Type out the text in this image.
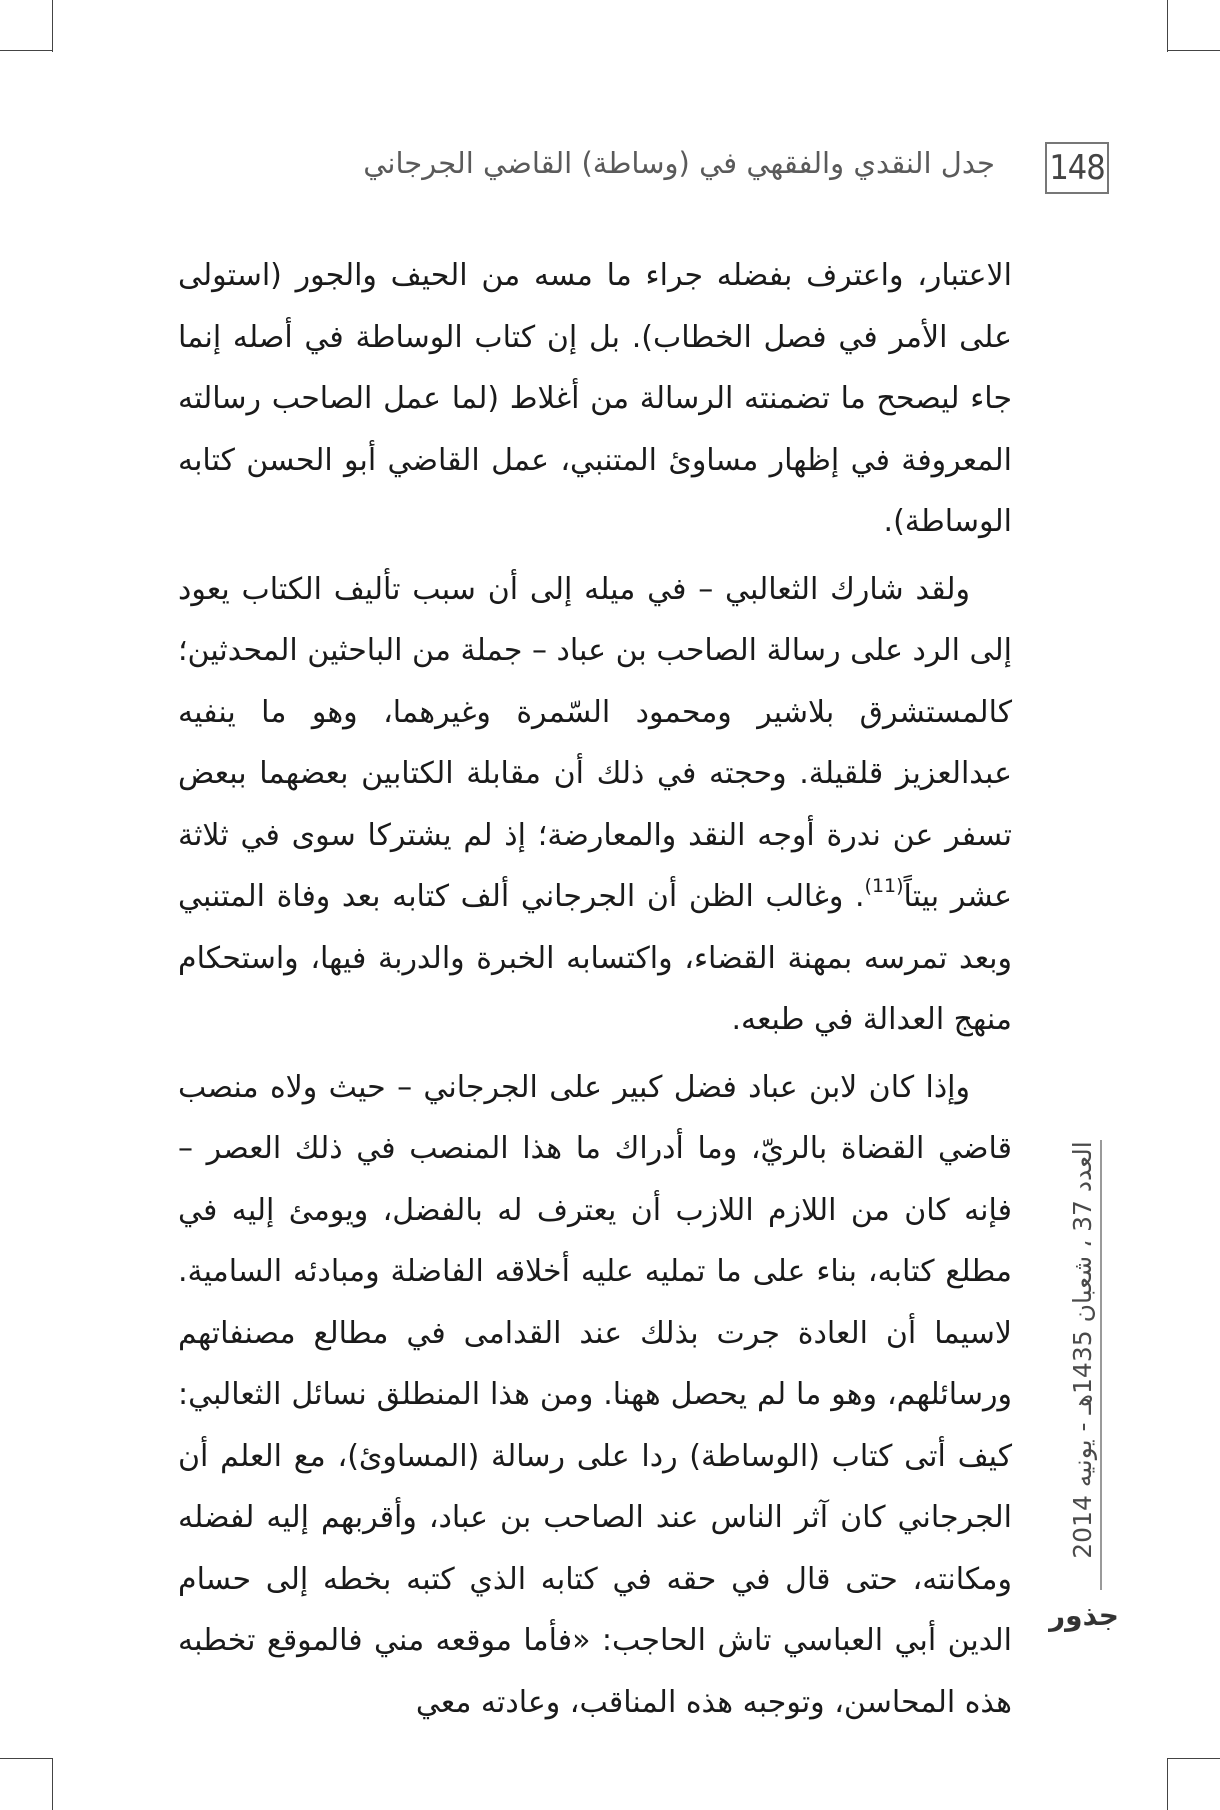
148
جدل النقدي والفقهي في (وساطة) القاضي الجرجاني

الاعتبار، واعترف بفضله جراء ما مسه من الحيف والجور (استولى على الأمر في فصل الخطاب). بل إن كتاب الوساطة في أصله إنما جاء ليصحح ما تضمنته الرسالة من أغلاط (لما عمل الصاحب رسالته المعروفة في إظهار مساوئ المتنبي، عمل القاضي أبو الحسن كتابه الوساطة).

ولقد شارك الثعالبي – في ميله إلى أن سبب تأليف الكتاب يعود إلى الرد على رسالة الصاحب بن عباد – جملة من الباحثين المحدثين؛ كالمستشرق بلاشير ومحمود السّمرة وغيرهما، وهو ما ينفيه عبدالعزيز قلقيلة. وحجته في ذلك أن مقابلة الكتابين بعضهما ببعض تسفر عن ندرة أوجه النقد والمعارضة؛ إذ لم يشتركا سوى في ثلاثة عشر بيتاً$^{(11)}$. وغالب الظن أن الجرجاني ألف كتابه بعد وفاة المتنبي وبعد تمرسه بمهنة القضاء، واكتسابه الخبرة والدربة فيها، واستحكام منهج العدالة في طبعه.

وإذا كان لابن عباد فضل كبير على الجرجاني – حيث ولاه منصب قاضي القضاة بالريّ، وما أدراك ما هذا المنصب في ذلك العصر – فإنه كان من اللازم اللازب أن يعترف له بالفضل، ويومئ إليه في مطلع كتابه، بناء على ما تمليه عليه أخلاقه الفاضلة ومبادئه السامية. لاسيما أن العادة جرت بذلك عند القدامى في مطالع مصنفاتهم ورسائلهم، وهو ما لم يحصل ههنا. ومن هذا المنطلق نسائل الثعالبي: كيف أتى كتاب (الوساطة) ردا على رسالة (المساوئ)، مع العلم أن الجرجاني كان آثر الناس عند الصاحب بن عباد، وأقربهم إليه لفضله ومكانته، حتى قال في حقه في كتابه الذي كتبه بخطه إلى حسام الدين أبي العباسي تاش الحاجب: «فأما موقعه مني فالموقع تخطبه هذه المحاسن، وتوجبه هذه المناقب، وعادته معي

العدد 37 ، شعبان 1435هـ - يونيه 2014
جذور
